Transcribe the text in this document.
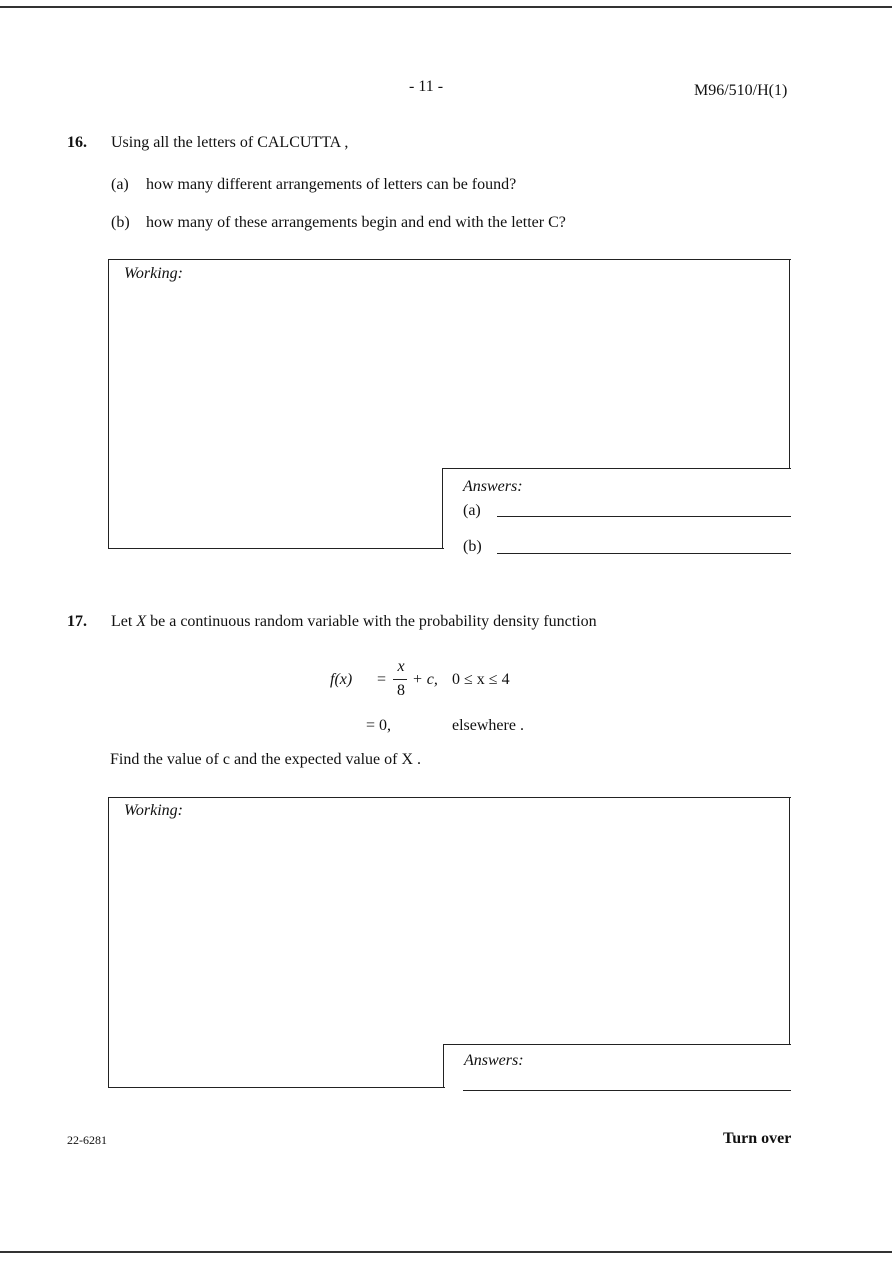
- 11 -	M96/510/H(1)
16. Using all the letters of CALCUTTA ,
(a) how many different arrangements of letters can be found?
(b) how many of these arrangements begin and end with the letter C?
Working:
Answers:
(a)
(b)
17. Let X be a continuous random variable with the probability density function
f(x) =
x
8
+ c, 0 ≤ x ≤ 4
= 0,	elsewhere .
Find the value of c and the expected value of X .
Working:
Answers:
22-6281	Turn over
